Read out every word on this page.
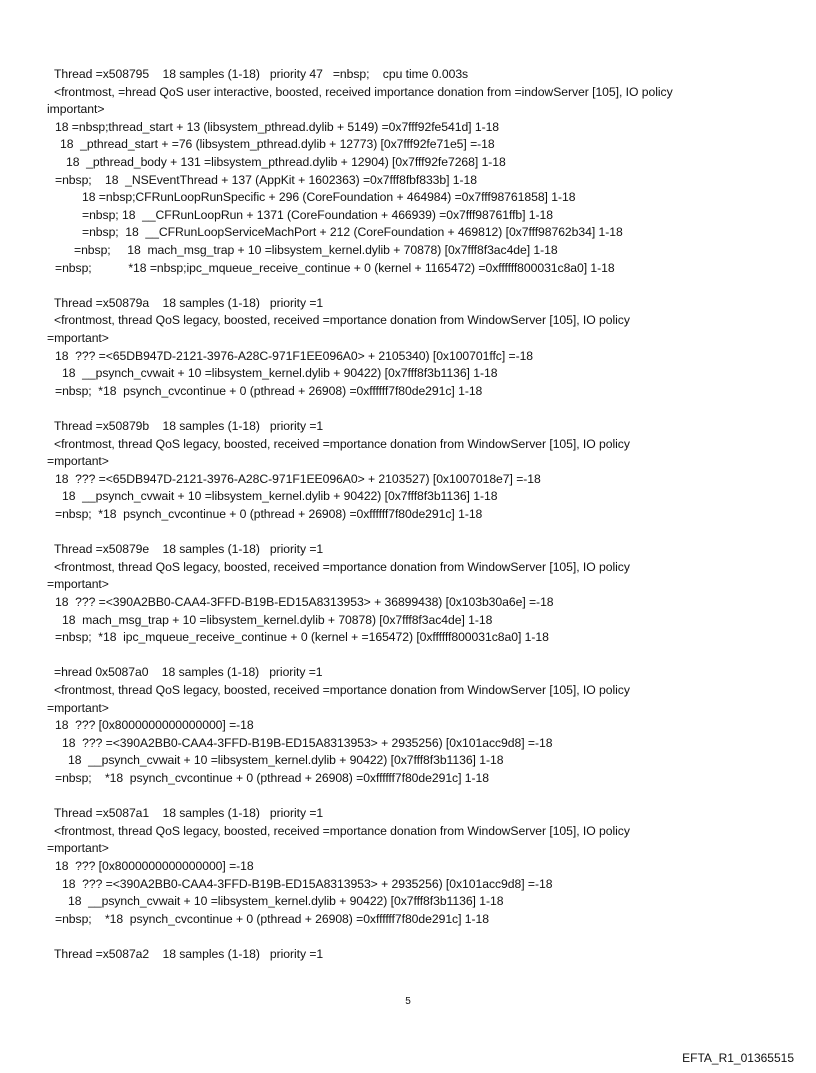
Thread =x508795    18 samples (1-18)   priority 47   =nbsp;    cpu time 0.003s
<frontmost, =hread QoS user interactive, boosted, received importance donation from =indowServer [105], IO policy
important>
18 =nbsp;thread_start + 13 (libsystem_pthread.dylib + 5149) =0x7fff92fe541d] 1-18
18  _pthread_start + =76 (libsystem_pthread.dylib + 12773) [0x7fff92fe71e5] =-18
18  _pthread_body + 131 =libsystem_pthread.dylib + 12904) [0x7fff92fe7268] 1-18
=nbsp;    18  _NSEventThread + 137 (AppKit + 1602363) =0x7fff8fbf833b] 1-18
18 =nbsp;CFRunLoopRunSpecific + 296 (CoreFoundation + 464984) =0x7fff98761858] 1-18
=nbsp; 18  __CFRunLoopRun + 1371 (CoreFoundation + 466939) =0x7fff98761ffb] 1-18
=nbsp;  18  __CFRunLoopServiceMachPort + 212 (CoreFoundation + 469812) [0x7fff98762b34] 1-18
=nbsp;     18  mach_msg_trap + 10 =libsystem_kernel.dylib + 70878) [0x7fff8f3ac4de] 1-18
=nbsp;           *18 =nbsp;ipc_mqueue_receive_continue + 0 (kernel + 1165472) =0xffffff800031c8a0] 1-18
Thread =x50879a    18 samples (1-18)   priority =1
<frontmost, thread QoS legacy, boosted, received =mportance donation from WindowServer [105], IO policy
=mportant>
18  ??? =<65DB947D-2121-3976-A28C-971F1EE096A0> + 2105340) [0x100701ffc] =-18
18  __psynch_cvwait + 10 =libsystem_kernel.dylib + 90422) [0x7fff8f3b1136] 1-18
=nbsp;  *18  psynch_cvcontinue + 0 (pthread + 26908) =0xffffff7f80de291c] 1-18
Thread =x50879b    18 samples (1-18)   priority =1
<frontmost, thread QoS legacy, boosted, received =mportance donation from WindowServer [105], IO policy
=mportant>
18  ??? =<65DB947D-2121-3976-A28C-971F1EE096A0> + 2103527) [0x1007018e7] =-18
18  __psynch_cvwait + 10 =libsystem_kernel.dylib + 90422) [0x7fff8f3b1136] 1-18
=nbsp;  *18  psynch_cvcontinue + 0 (pthread + 26908) =0xffffff7f80de291c] 1-18
Thread =x50879e    18 samples (1-18)   priority =1
<frontmost, thread QoS legacy, boosted, received =mportance donation from WindowServer [105], IO policy
=mportant>
18  ??? =<390A2BB0-CAA4-3FFD-B19B-ED15A8313953> + 36899438) [0x103b30a6e] =-18
18  mach_msg_trap + 10 =libsystem_kernel.dylib + 70878) [0x7fff8f3ac4de] 1-18
=nbsp;  *18  ipc_mqueue_receive_continue + 0 (kernel + =165472) [0xffffff800031c8a0] 1-18
=hread 0x5087a0    18 samples (1-18)   priority =1
<frontmost, thread QoS legacy, boosted, received =mportance donation from WindowServer [105], IO policy
=mportant>
18  ??? [0x8000000000000000] =-18
18  ??? =<390A2BB0-CAA4-3FFD-B19B-ED15A8313953> + 2935256) [0x101acc9d8] =-18
18  __psynch_cvwait + 10 =libsystem_kernel.dylib + 90422) [0x7fff8f3b1136] 1-18
=nbsp;    *18  psynch_cvcontinue + 0 (pthread + 26908) =0xffffff7f80de291c] 1-18
Thread =x5087a1    18 samples (1-18)   priority =1
<frontmost, thread QoS legacy, boosted, received =mportance donation from WindowServer [105], IO policy
=mportant>
18  ??? [0x8000000000000000] =-18
18  ??? =<390A2BB0-CAA4-3FFD-B19B-ED15A8313953> + 2935256) [0x101acc9d8] =-18
18  __psynch_cvwait + 10 =libsystem_kernel.dylib + 90422) [0x7fff8f3b1136] 1-18
=nbsp;    *18  psynch_cvcontinue + 0 (pthread + 26908) =0xffffff7f80de291c] 1-18
Thread =x5087a2    18 samples (1-18)   priority =1
5
EFTA_R1_01365515
